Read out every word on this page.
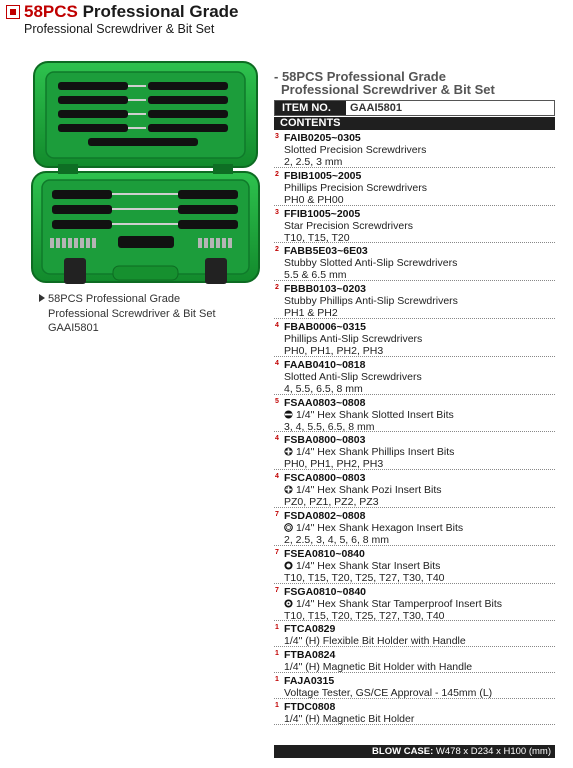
58PCS Professional Grade
Professional Screwdriver & Bit Set
58PCS Professional Grade
Professional Screwdriver & Bit Set
GAAI5801
- 58PCS Professional Grade
Professional Screwdriver & Bit Set
ITEM NO.	GAAI5801
CONTENTS
3 FAIB0205~0305
Slotted Precision Screwdrivers
2, 2.5, 3 mm
2 FBIB1005~2005
Phillips Precision Screwdrivers
PH0 & PH00
3 FFIB1005~2005
Star Precision Screwdrivers
T10, T15, T20
2 FABB5E03~6E03
Stubby Slotted Anti-Slip Screwdrivers
5.5 & 6.5 mm
2 FBBB0103~0203
Stubby Phillips Anti-Slip Screwdrivers
PH1 & PH2
4 FBAB0006~0315
Phillips Anti-Slip Screwdrivers
PH0, PH1, PH2, PH3
4 FAAB0410~0818
Slotted Anti-Slip Screwdrivers
4, 5.5, 6.5, 8 mm
5 FSAA0803~0808
1/4" Hex Shank Slotted Insert Bits
3, 4, 5.5, 6.5, 8 mm
4 FSBA0800~0803
1/4" Hex Shank Phillips Insert Bits
PH0, PH1, PH2, PH3
4 FSCA0800~0803
1/4" Hex Shank Pozi Insert Bits
PZ0, PZ1, PZ2, PZ3
7 FSDA0802~0808
1/4" Hex Shank Hexagon Insert Bits
2, 2.5, 3, 4, 5, 6, 8 mm
7 FSEA0810~0840
1/4" Hex Shank Star Insert Bits
T10, T15, T20, T25, T27, T30, T40
7 FSGA0810~0840
1/4" Hex Shank Star Tamperproof Insert Bits
T10, T15, T20, T25, T27, T30, T40
1 FTCA0829
1/4" (H) Flexible Bit Holder with Handle
1 FTBA0824
1/4" (H) Magnetic Bit Holder with Handle
1 FAJA0315
Voltage Tester, GS/CE Approval - 145mm (L)
1 FTDC0808
1/4" (H) Magnetic Bit Holder
BLOW CASE: W478 x D234 x H100 (mm)
